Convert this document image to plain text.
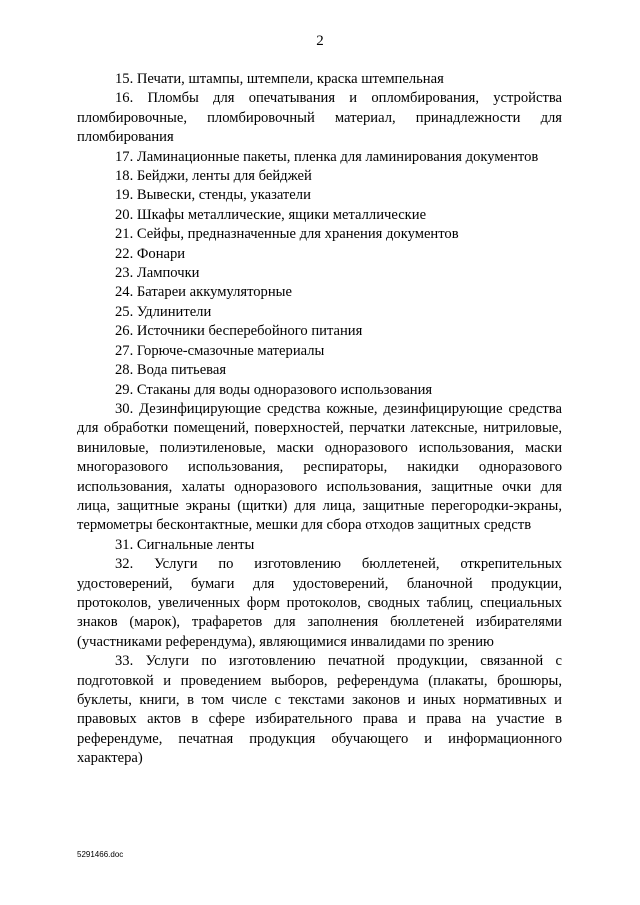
2

15. Печати, штампы, штемпели, краска штемпельная

16. Пломбы для опечатывания и опломбирования, устройства пломбировочные, пломбировочный материал, принадлежности для пломбирования

17. Ламинационные пакеты, пленка для ламинирования документов

18. Бейджи, ленты для бейджей

19. Вывески, стенды, указатели

20. Шкафы металлические, ящики металлические

21. Сейфы, предназначенные для хранения документов

22. Фонари

23. Лампочки

24. Батареи аккумуляторные

25. Удлинители

26. Источники бесперебойного питания

27. Горюче-смазочные материалы

28. Вода питьевая

29. Стаканы для воды одноразового использования

30. Дезинфицирующие средства кожные, дезинфицирующие средства для обработки помещений, поверхностей, перчатки латексные, нитриловые, виниловые, полиэтиленовые, маски одноразового использования, маски многоразового использования, респираторы, накидки одноразового использования, халаты одноразового использования, защитные очки для лица, защитные экраны (щитки) для лица, защитные перегородки-экраны, термометры бесконтактные, мешки для сбора отходов защитных средств

31. Сигнальные ленты

32. Услуги по изготовлению бюллетеней, открепительных удостоверений, бумаги для удостоверений, бланочной продукции, протоколов, увеличенных форм протоколов, сводных таблиц, специальных знаков (марок), трафаретов для заполнения бюллетеней избирателями (участниками референдума), являющимися инвалидами по зрению

33. Услуги по изготовлению печатной продукции, связанной с подготовкой и проведением выборов, референдума (плакаты, брошюры, буклеты, книги, в том числе с текстами законов и иных нормативных и правовых актов в сфере избирательного права и права на участие в референдуме, печатная продукция обучающего и информационного характера)

5291466.doc
